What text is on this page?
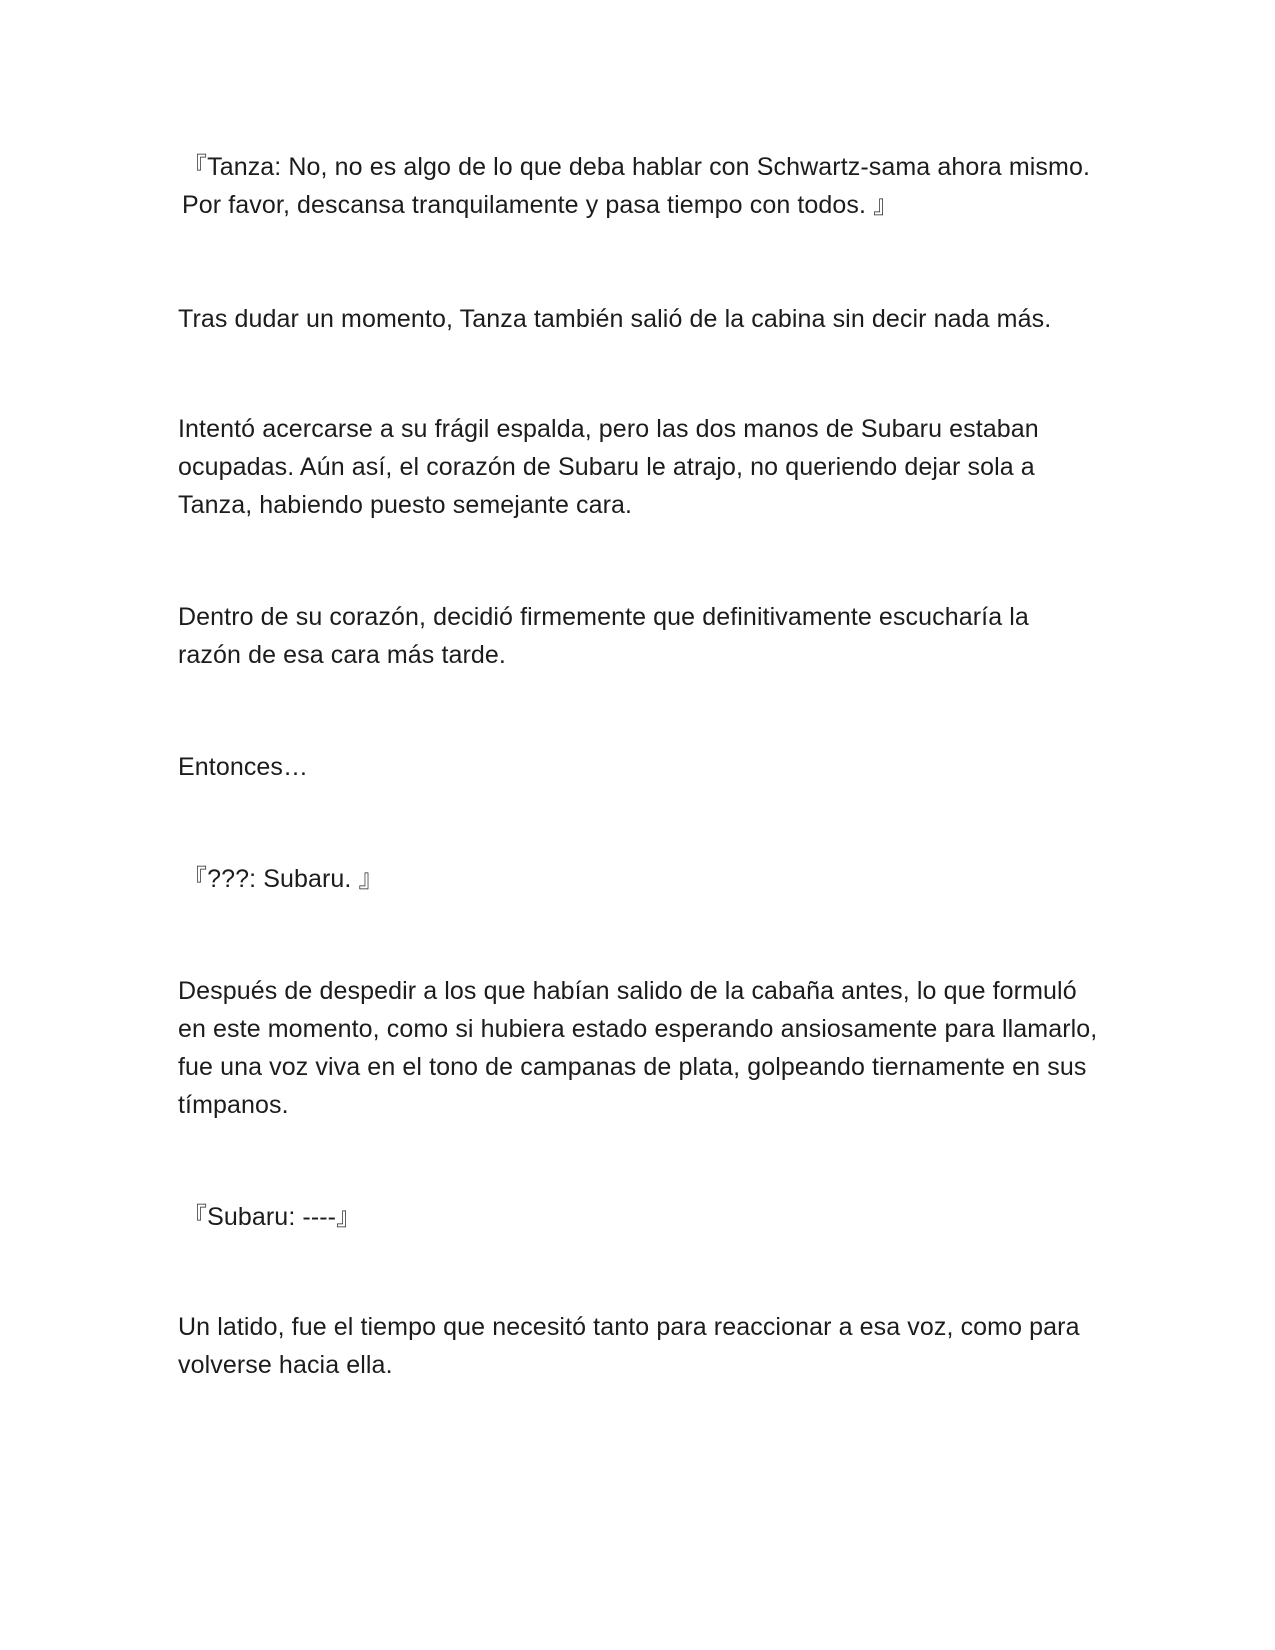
『Tanza: No, no es algo de lo que deba hablar con Schwartz-sama ahora mismo. Por favor, descansa tranquilamente y pasa tiempo con todos. 』

Tras dudar un momento, Tanza también salió de la cabina sin decir nada más.

Intentó acercarse a su frágil espalda, pero las dos manos de Subaru estaban ocupadas. Aún así, el corazón de Subaru le atrajo, no queriendo dejar sola a Tanza, habiendo puesto semejante cara.

Dentro de su corazón, decidió firmemente que definitivamente escucharía la razón de esa cara más tarde.

Entonces…

『???: Subaru. 』

Después de despedir a los que habían salido de la cabaña antes, lo que formuló en este momento, como si hubiera estado esperando ansiosamente para llamarlo, fue una voz viva en el tono de campanas de plata, golpeando tiernamente en sus tímpanos.

『Subaru: ----』

Un latido, fue el tiempo que necesitó tanto para reaccionar a esa voz, como para volverse hacia ella.
